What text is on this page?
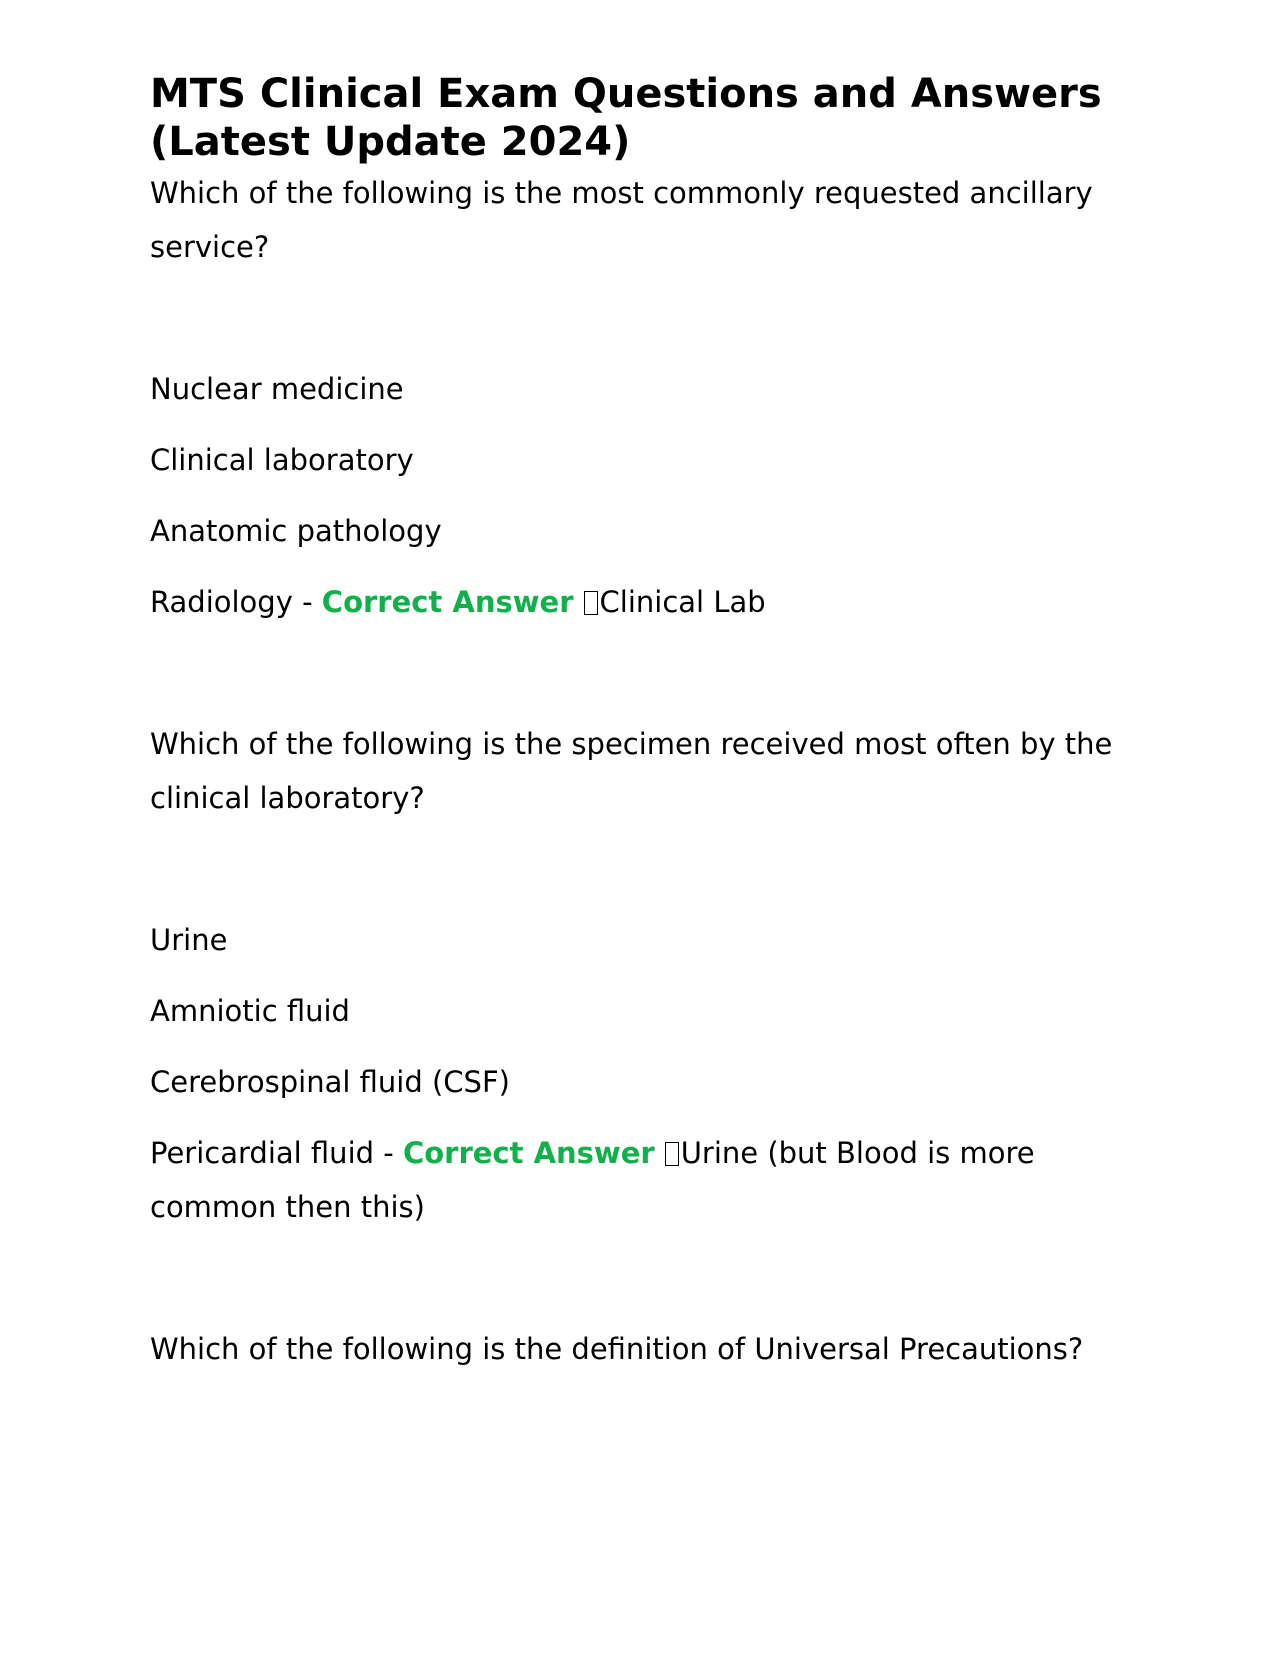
MTS Clinical Exam Questions and Answers (Latest Update 2024)

Which of the following is the most commonly requested ancillary service?

Nuclear medicine

Clinical laboratory

Anatomic pathology

Radiology - Correct Answer Clinical Lab

Which of the following is the specimen received most often by the clinical laboratory?

Urine

Amniotic fluid

Cerebrospinal fluid (CSF)

Pericardial fluid - Correct Answer Urine (but Blood is more common then this)

Which of the following is the definition of Universal Precautions?
